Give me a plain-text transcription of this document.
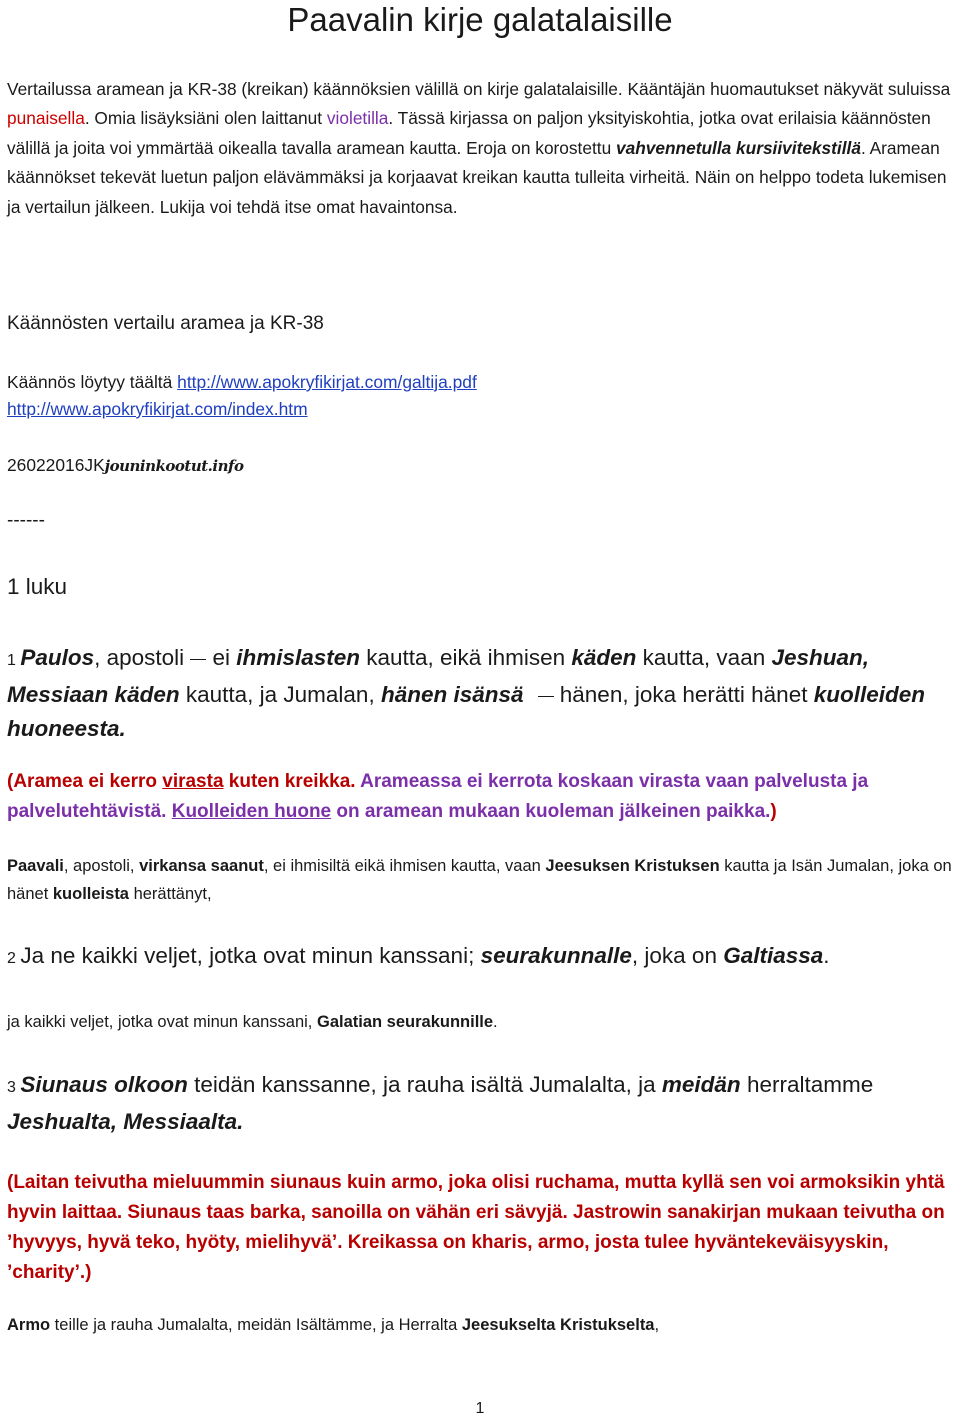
Paavalin kirje galatalaisille
Vertailussa aramean ja KR-38 (kreikan) käännöksien välillä on kirje galatalaisille. Kääntäjän huomautukset näkyvät suluissa punaisella. Omia lisäyksiäni olen laittanut violetilla. Tässä kirjassa on paljon yksityiskohtia, jotka ovat erilaisia käännösten välillä ja joita voi ymmärtää oikealla tavalla aramean kautta. Eroja on korostettu vahvennetulla kursiivitekstillä. Aramean käännökset tekevät luetun paljon elävämmäksi ja korjaavat kreikan kautta tulleita virheitä. Näin on helppo todeta lukemisen ja vertailun jälkeen. Lukija voi tehdä itse omat havaintonsa.
Käännösten vertailu aramea ja KR-38
Käännös löytyy täältä http://www.apokryfikirjat.com/galtija.pdf
http://www.apokryfikirjat.com/index.htm
26022016JKjouninkootut.info
------
1 luku
1 Paulos, apostoli ei ihmislasten kautta, eikä ihmisen käden kautta, vaan Jeshuan, Messiaan käden kautta, ja Jumalan, hänen isänsä hänen, joka herätti hänet kuolleiden huoneesta.
(Aramea ei kerro virasta kuten kreikka. Arameassa ei kerrota koskaan virasta vaan palvelusta ja palvelutehtävistä. Kuolleiden huone on aramean mukaan kuoleman jälkeinen paikka.)
Paavali, apostoli, virkansa saanut, ei ihmisiltä eikä ihmisen kautta, vaan Jeesuksen Kristuksen kautta ja Isän Jumalan, joka on hänet kuolleista herättänyt,
2 Ja ne kaikki veljet, jotka ovat minun kanssani; seurakunnalle, joka on Galtiassa.
ja kaikki veljet, jotka ovat minun kanssani, Galatian seurakunnille.
3 Siunaus olkoon teidän kanssanne, ja rauha isältä Jumalalta, ja meidän herraltamme Jeshualta, Messiaalta.
(Laitan teivutha mieluummin siunaus kuin armo, joka olisi ruchama, mutta kyllä sen voi armoksikin yhtä hyvin laittaa. Siunaus taas barka, sanoilla on vähän eri sävyjä. Jastrowin sanakirjan mukaan teivutha on ’hyvyys, hyvä teko, hyöty, mielihyvä’. Kreikassa on kharis, armo, josta tulee hyväntekeväisyyskin, ’charity’.)
Armo teille ja rauha Jumalalta, meidän Isältämme, ja Herralta Jeesukselta Kristukselta,
1
